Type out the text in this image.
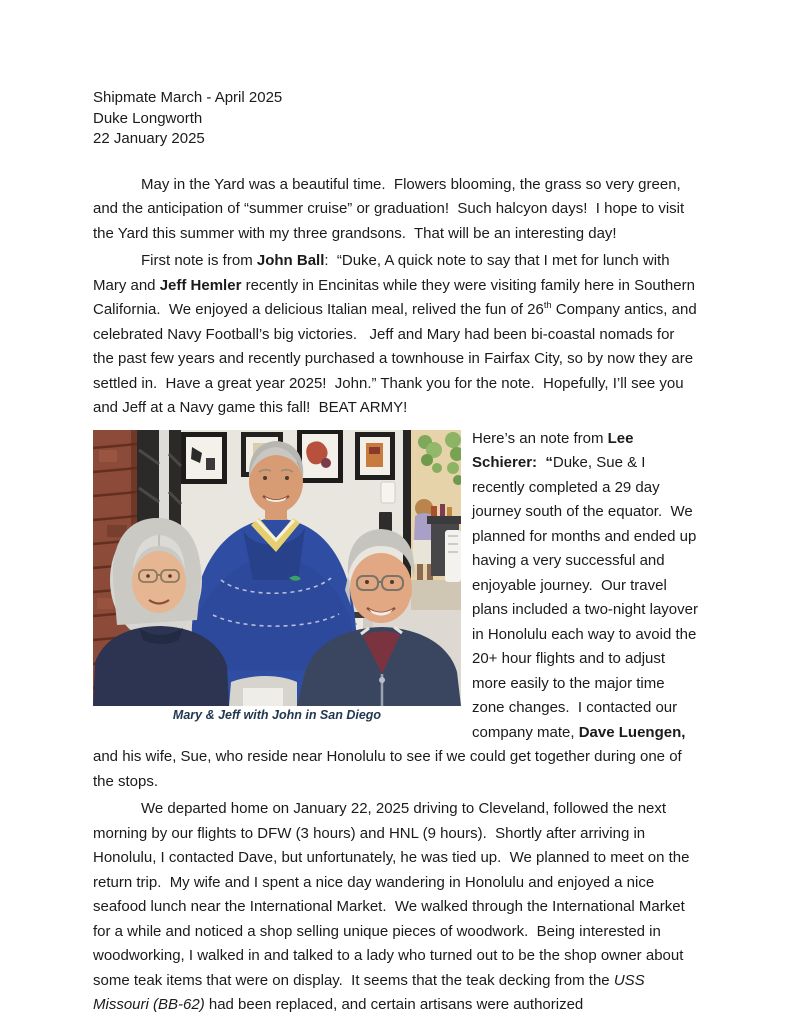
Shipmate March - April 2025
Duke Longworth
22 January 2025

May in the Yard was a beautiful time.  Flowers blooming, the grass so very green, and the anticipation of “summer cruise” or graduation!  Such halcyon days!  I hope to visit the Yard this summer with my three grandsons.  That will be an interesting day!

First note is from John Ball:  “Duke, A quick note to say that I met for lunch with Mary and Jeff Hemler recently in Encinitas while they were visiting family here in Southern California.  We enjoyed a delicious Italian meal, relived the fun of 26th Company antics, and celebrated Navy Football’s big victories.   Jeff and Mary had been bi-coastal nomads for the past few years and recently purchased a townhouse in Fairfax City, so by now they are settled in.  Have a great year 2025!  John.” Thank you for the note.  Hopefully, I’ll see you and Jeff at a Navy game this fall!  BEAT ARMY!

Mary & Jeff with John in San Diego

Here’s an note from Lee Schierer:  “Duke, Sue & I recently completed a 29 day journey south of the equator.  We planned for months and ended up having a very successful and enjoyable journey.  Our travel plans included a two-night layover in Honolulu each way to avoid the 20+ hour flights and to adjust more easily to the major time zone changes.  I contacted our company mate, Dave Luengen, and his wife, Sue, who reside near Honolulu to see if we could get together during one of the stops.

We departed home on January 22, 2025 driving to Cleveland, followed the next morning by our flights to DFW (3 hours) and HNL (9 hours).  Shortly after arriving in Honolulu, I contacted Dave, but unfortunately, he was tied up.  We planned to meet on the return trip.  My wife and I spent a nice day wandering in Honolulu and enjoyed a nice seafood lunch near the International Market.  We walked through the International Market for a while and noticed a shop selling unique pieces of woodwork.  Being interested in woodworking, I walked in and talked to a lady who turned out to be the shop owner about some teak items that were on display.  It seems that the teak decking from the USS Missouri (BB-62) had been replaced, and certain artisans were authorized
